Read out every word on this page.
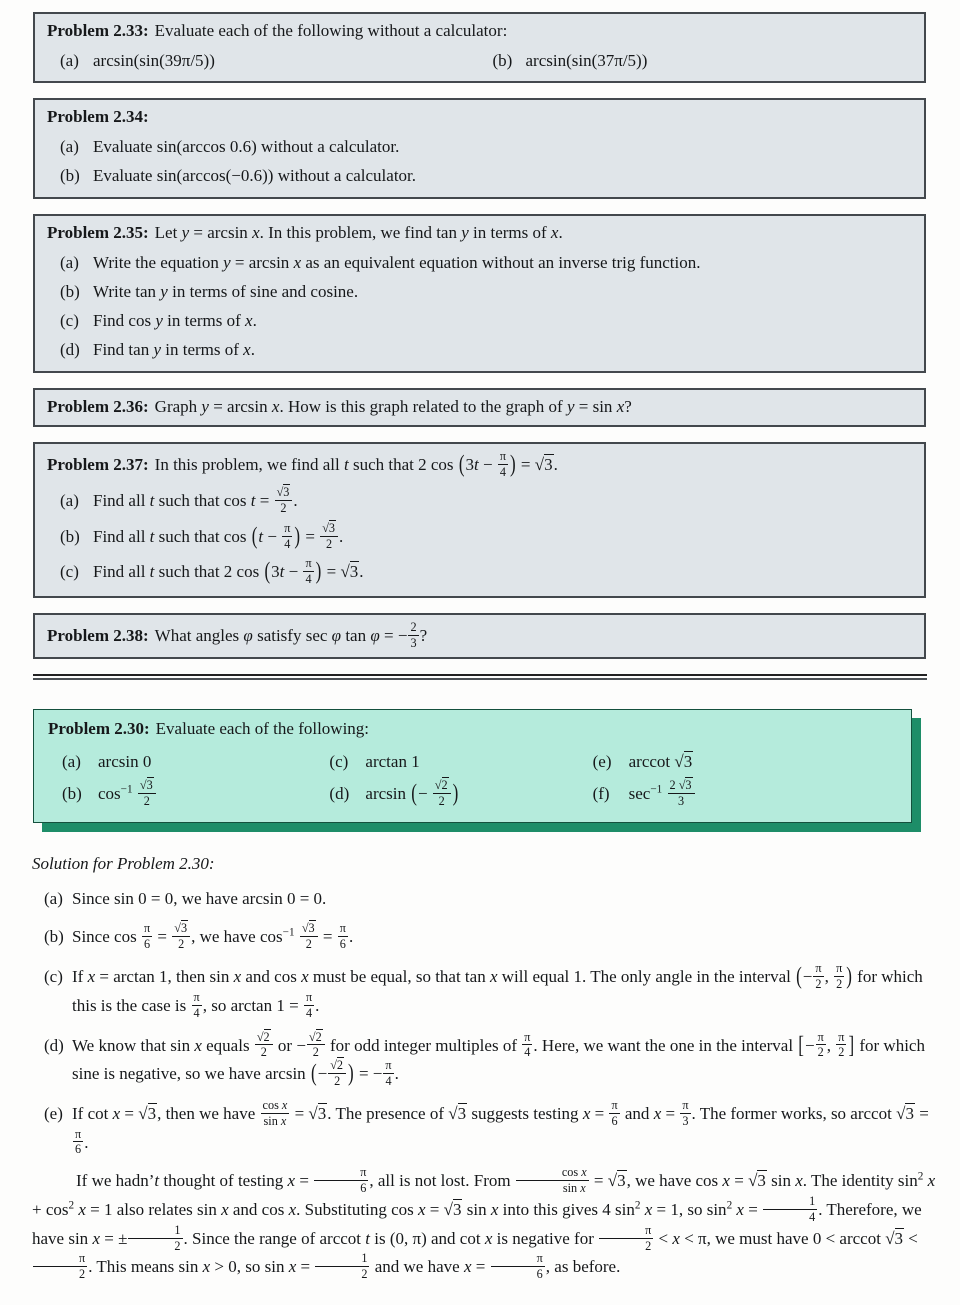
Problem 2.33: Evaluate each of the following without a calculator:
(a) arcsin(sin(39π/5))	(b) arcsin(sin(37π/5))
Problem 2.34:
(a) Evaluate sin(arccos 0.6) without a calculator.
(b) Evaluate sin(arccos(−0.6)) without a calculator.
Problem 2.35: Let y = arcsin x. In this problem, we find tan y in terms of x.
(a) Write the equation y = arcsin x as an equivalent equation without an inverse trig function.
(b) Write tan y in terms of sine and cosine.
(c) Find cos y in terms of x.
(d) Find tan y in terms of x.
Problem 2.36: Graph y = arcsin x. How is this graph related to the graph of y = sin x?
Problem 2.37: In this problem, we find all t such that 2 $\cos (3t - \frac{\pi}{4}$ ) = √3.
(a) Find all t such that $\cos t = \frac{√3}{2}$ .
(b) Find all t such that $\cos (t - \frac{\pi}{4}$ ) = $\frac{√3}{2}$ .
(c) Find all t such that 2 $\cos (3t - \frac{\pi}{4}$ ) = √3.
Problem 2.38: What angles φ satisfy sec φ tan φ = − $\frac{2}{3}$ ?
Problem 2.30: Evaluate each of the following:
(a)	arcsin 0	(c)	arctan 1	(e)	arccot √3
(b) $\cos^{-1} \frac{√3}{2}$	(d) arcsin (− $\frac{√2}{2}$ )	(f)	$\sec^{-1} \frac{2 √3}{3}$
Solution for Problem 2.30:
(a) Since sin 0 = 0, we have arcsin 0 = 0.
(b) Since $\cos \frac{\pi}{6} = \frac{√3}{2}$ , we have $\cos^{-1} \frac{√3}{2} = \frac{\pi}{6}$ .
(c) If x = arctan 1, then sin x and cos x must be equal, so that tan x will equal 1. The only angle in the interval (− $\frac{\pi}{2}$ , $\frac{\pi}{2}$ ) for which this is the case is $\frac{\pi}{4}$ , so $\arctan 1 = \frac{\pi}{4}$ .
(d) We know that sin x equals $\frac{√2}{2}$ or − $\frac{√2}{2}$ for odd integer multiples of $\frac{\pi}{4}$ . Here, we want the one in the interval [− $\frac{\pi}{2}$ , $\frac{\pi}{2}$ ] for which sine is negative, so we have arcsin (− $\frac{√2}{2}$ ) = − $\frac{\pi}{4}$ .
(e) If cot x = √3, then we have $\frac{\text{cos x}}{\text{sin x}} = √3$. The presence of √3 suggests testing $x = \frac{\pi}{6}$ and $x = \frac{\pi}{3}$ . The former works, so arccot √3 =
$\frac{\pi}{6}$ .

If we hadn’t thought of testing $x = \frac{\pi}{6}$ , all is not lost. From $\frac{\text{cos x}}{\text{sin x}} = √3$, we have cos x = √3 sin x. The identity $\sin^2 x + \cos^2 x = 1$ also relates sin x and cos x. Substituting cos x = √3 sin x into this gives 4 $\sin^2 x = 1$, so $\sin^2 x = \frac{1}{4}$ . Therefore, we have sin x = ± $\frac{1}{2}$ . Since the range of arccot t is (0, π) and cot x is negative for $\frac{\pi}{2} < x < \pi$, we must have 0 < arccot √3 <
$\frac{\pi}{2}$ . This means sin x > 0, so $\sin x = \frac{1}{2}$ and we have $x = \frac{\pi}{6}$ , as before.
